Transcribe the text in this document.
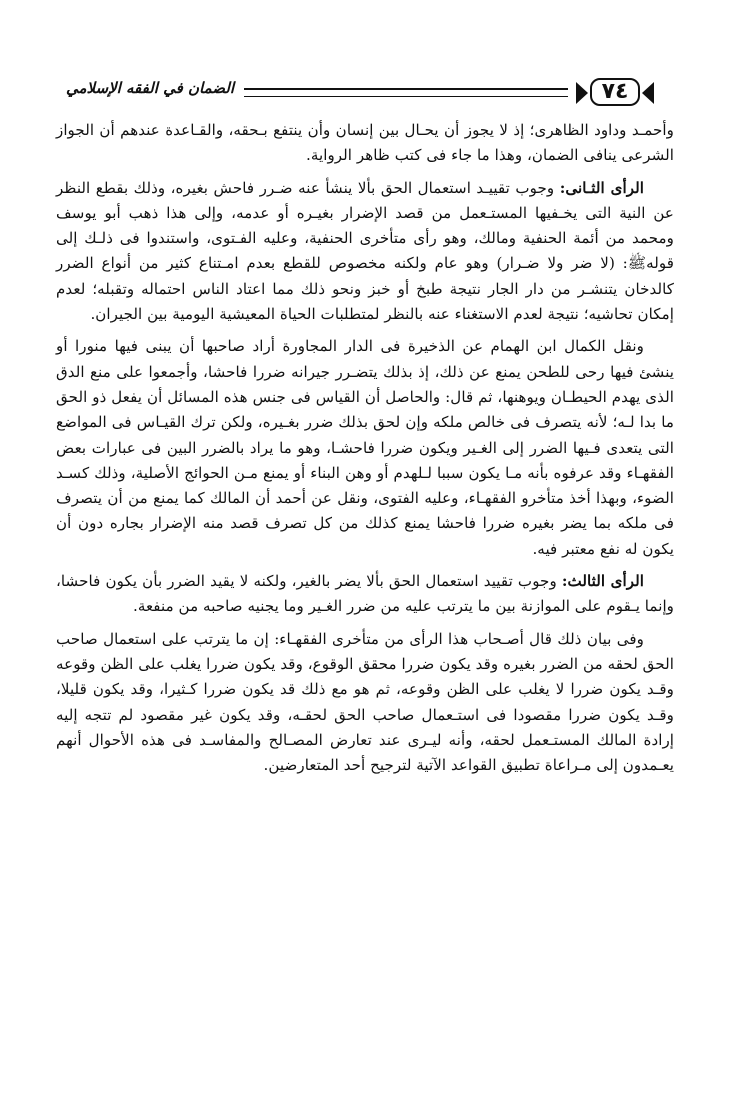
٧٤
الضمان في الفقه الإسلامي

وأحمـد وداود الظاهرى؛ إذ لا يجوز أن يحـال بين إنسان وأن ينتفع بـحقه، والقـاعدة عندهم أن الجواز الشرعى ينافى الضمان، وهذا ما جاء فى كتب ظاهر الرواية.

الرأى الثـانى: وجوب تقييـد استعمال الحق بألا ينشأ عنه ضـرر فاحش بغيره، وذلك بقطع النظر عن النية التى يخـفيها المستـعمل من قصد الإضرار بغيـره أو عدمه، وإلى هذا ذهب أبو يوسف ومحمد من أئمة الحنفية ومالك، وهو رأى متأخرى الحنفية، وعليه الفـتوى، واستندوا فى ذلـك إلى قولهﷺ: (لا ضر ولا ضـرار) وهو عام ولكنه مخصوص للقطع بعدم امـتناع كثير من أنواع الضرر كالدخان يتنشـر من دار الجار نتيجة طبخ أو خبز ونحو ذلك مما اعتاد الناس احتماله وتقبله؛ لعدم إمكان تحاشيه؛ نتيجة لعدم الاستغناء عنه بالنظر لمتطلبات الحياة المعيشية اليومية بين الجيران.

ونقل الكمال ابن الهمام عن الذخيرة فى الدار المجاورة أراد صاحبها أن يبنى فيها منورا أو ينشئ فيها رحى للطحن يمنع عن ذلك، إذ بذلك يتضـرر جيرانه ضررا فاحشا، وأجمعوا على منع الدق الذى يهدم الحيطـان ويوهنها، ثم قال: والحاصل أن القياس فى جنس هذه المسائل أن يفعل ذو الحق ما بدا لـه؛ لأنه يتصرف فى خالص ملكه وإن لحق بذلك ضرر بغـيره، ولكن ترك القيـاس فى المواضع التى يتعدى فـيها الضرر إلى الغـير ويكون ضررا فاحشـا، وهو ما يراد بالضرر البين فى عبارات بعض الفقهـاء وقد عرفوه بأنه مـا يكون سببا لـلهدم أو وهن البناء أو يمنع مـن الحوائج الأصلية، وذلك كسـد الضوء، وبهذا أخذ متأخرو الفقهـاء، وعليه الفتوى، ونقل عن أحمد أن المالك كما يمنع من أن يتصرف فى ملكه بما يضر بغيره ضررا فاحشا يمنع كذلك من كل تصرف قصد منه الإضرار بجاره دون أن يكون له نفع معتبر فيه.

الرأى الثالث: وجوب تقييد استعمال الحق بألا يضر بالغير، ولكنه لا يقيد الضرر بأن يكون فاحشا، وإنما يـقوم على الموازنة بين ما يترتب عليه من ضرر الغـير وما يجنيه صاحبه من منفعة.

وفى بيان ذلك قال أصـحاب هذا الرأى من متأخرى الفقهـاء: إن ما يترتب على استعمال صاحب الحق لحقه من الضرر بغيره وقد يكون ضررا محقق الوقوع، وقد يكون ضررا يغلب على الظن وقوعه وقـد يكون ضررا لا يغلب على الظن وقوعه، ثم هو مع ذلك قد يكون ضررا كـثيرا، وقد يكون قليلا، وقـد يكون ضررا مقصودا فى استـعمال صاحب الحق لحقـه، وقد يكون غير مقصود لم تتجه إليه إرادة المالك المستـعمل لحقه، وأنه ليـرى عند تعارض المصـالح والمفاسـد فى هذه الأحوال أنهم يعـمدون إلى مـراعاة تطبيق القواعد الآتية لترجيح أحد المتعارضين.
